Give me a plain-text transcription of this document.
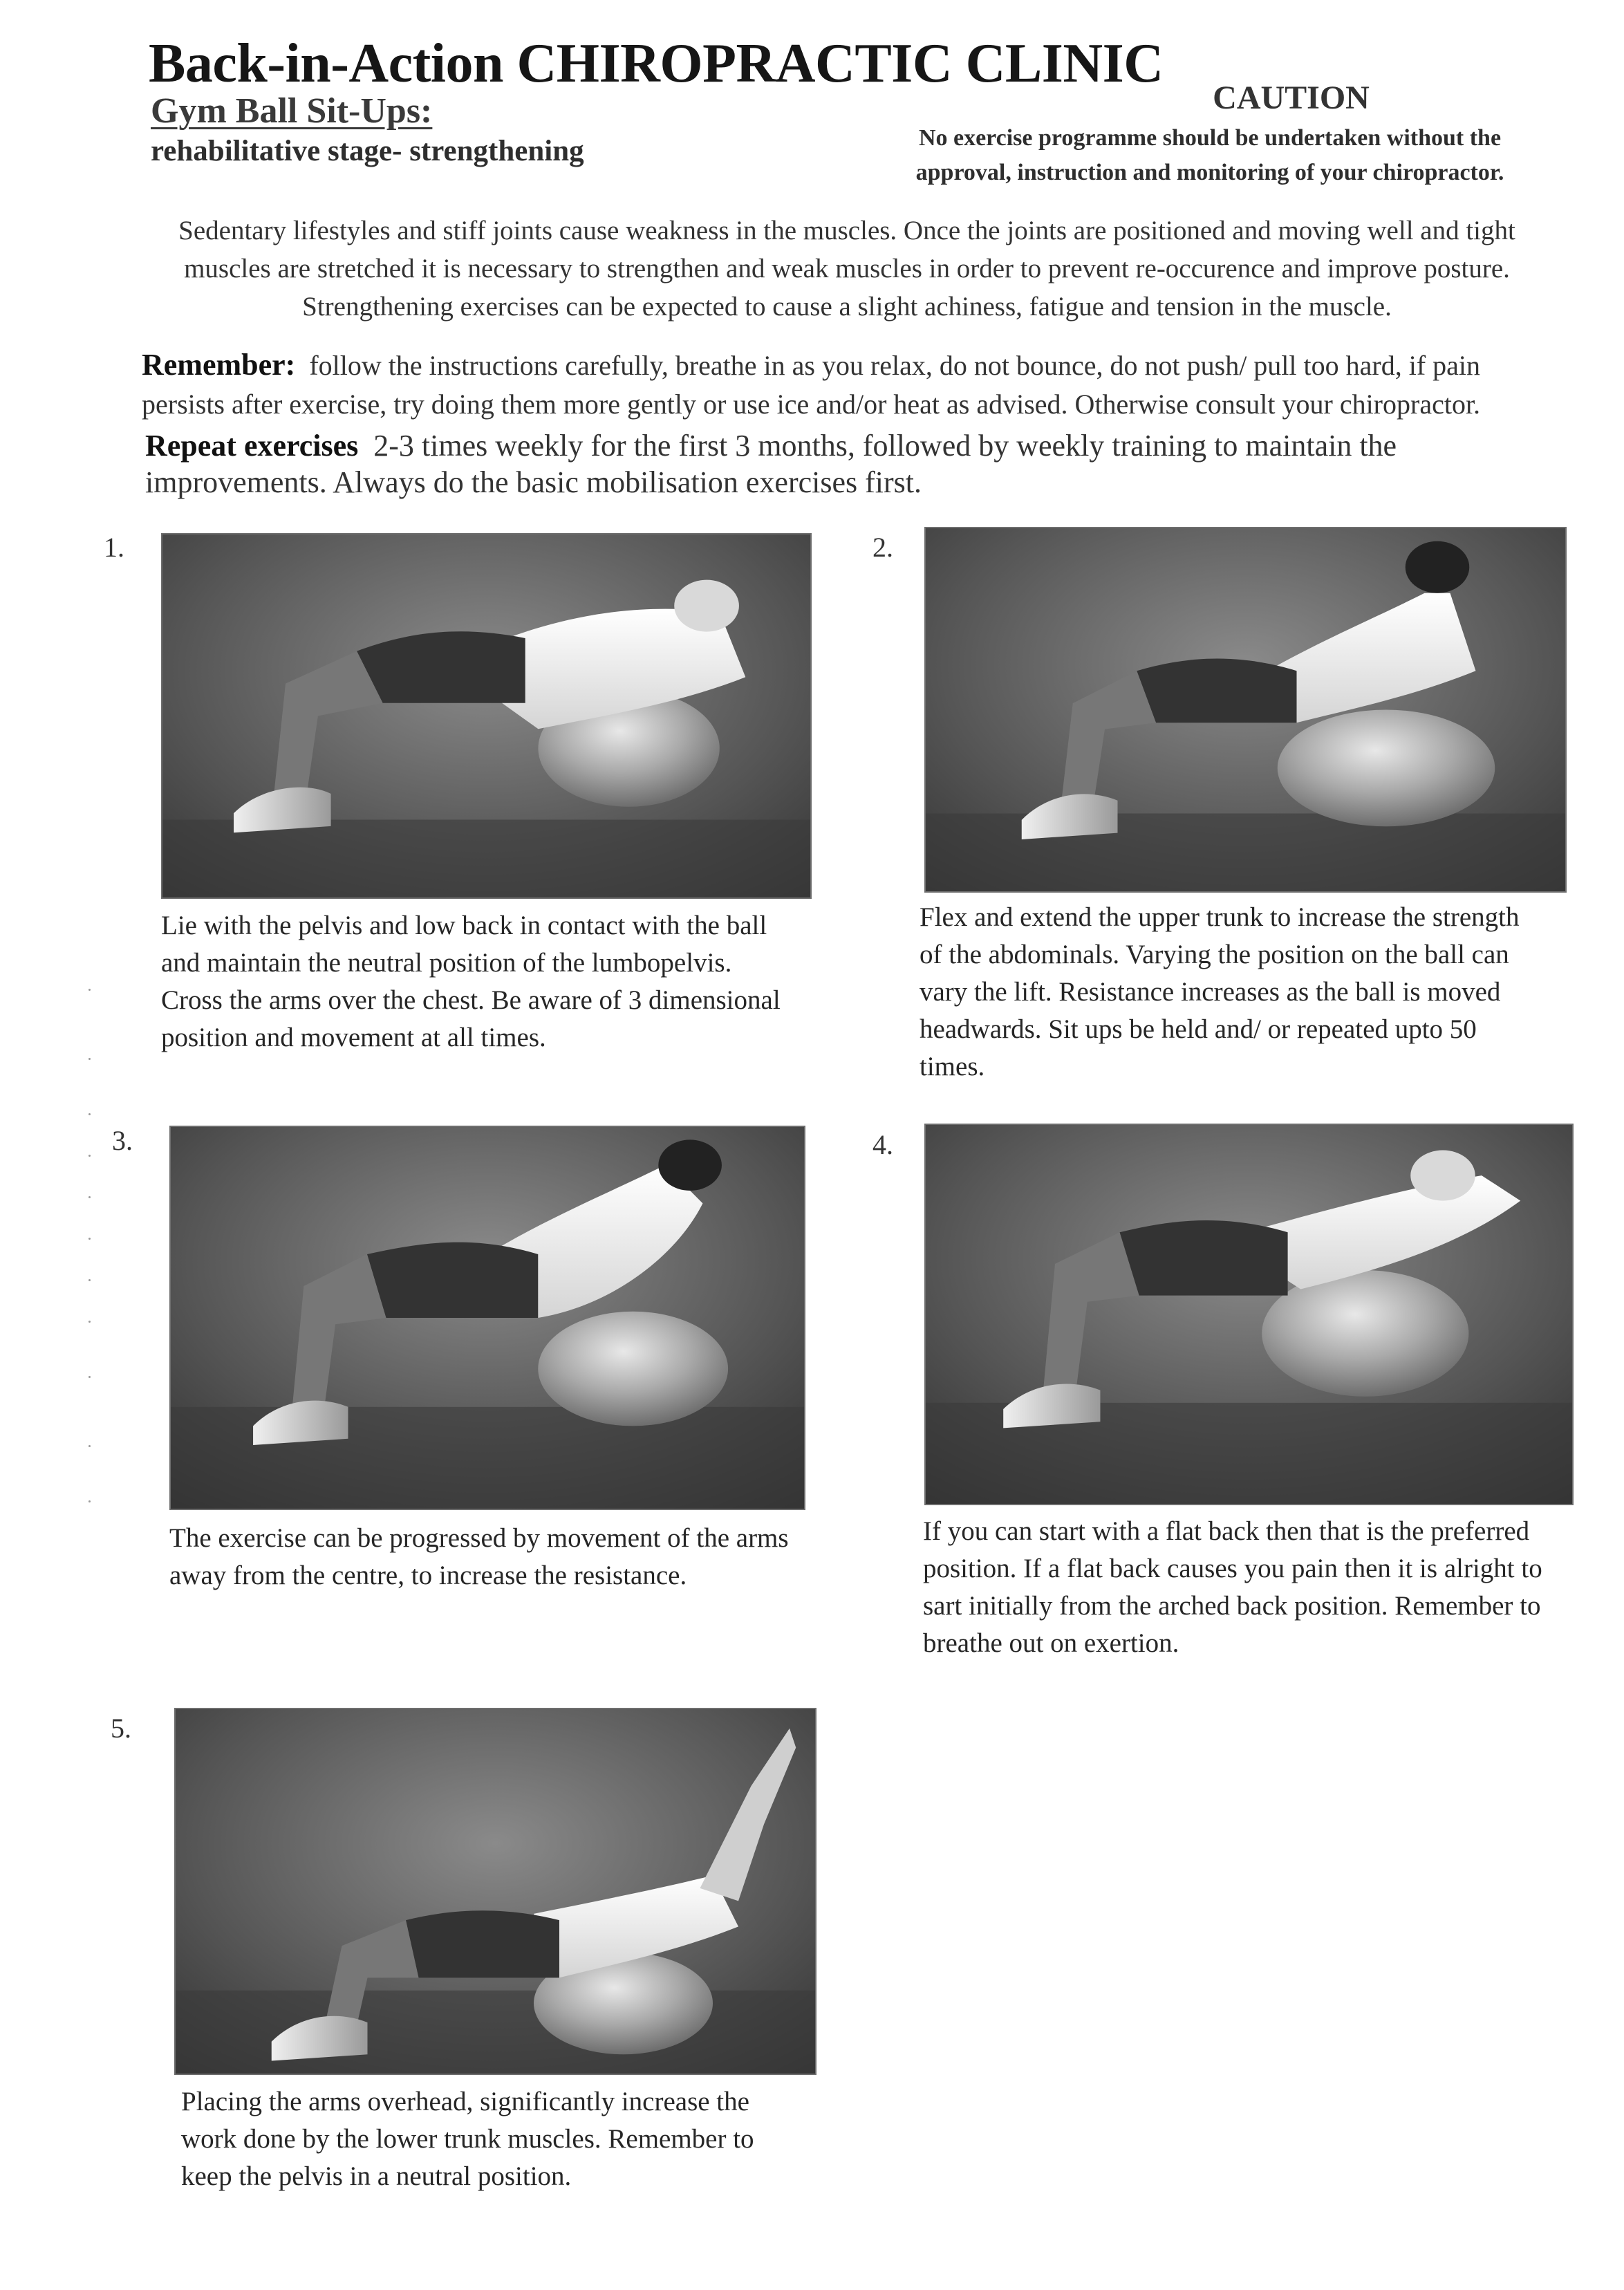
Back-in-Action CHIROPRACTIC CLINIC
Gym Ball Sit-Ups:
rehabilitative stage- strengthening
CAUTION
No exercise programme should be undertaken without the approval, instruction and monitoring of your chiropractor.
Sedentary lifestyles and stiff joints cause weakness in the muscles. Once the joints are positioned and moving well and tight muscles are stretched it is necessary to strengthen and weak muscles in order to prevent re-occurence and improve posture. Strengthening exercises can be expected to cause a slight achiness, fatigue and tension in the muscle.
Remember: follow the instructions carefully, breathe in as you relax, do not bounce, do not push/ pull too hard, if pain persists after exercise, try doing them more gently or use ice and/or heat as advised. Otherwise consult your chiropractor.
Repeat exercises 2-3 times weekly for the first 3 months, followed by weekly training to maintain the improvements. Always do the basic mobilisation exercises first.
1.
Lie with the pelvis and low back in contact with the ball and maintain the neutral position of the lumbopelvis. Cross the arms over the chest. Be aware of 3 dimensional position and movement at all times.
2.
Flex and extend the upper trunk to increase the strength of the abdominals. Varying the position on the ball can vary the lift. Resistance increases as the ball is moved headwards. Sit ups be held and/ or repeated upto 50 times.
3.
The exercise can be progressed by movement of the arms away from the centre, to increase the resistance.
4.
If you can start with a flat back then that is the preferred position. If a flat back causes you pain then it is alright to sart initially from the arched back position. Remember to breathe out on exertion.
5.
Placing the arms overhead, significantly increase the work done by the lower trunk muscles. Remember to keep the pelvis in a neutral position.
